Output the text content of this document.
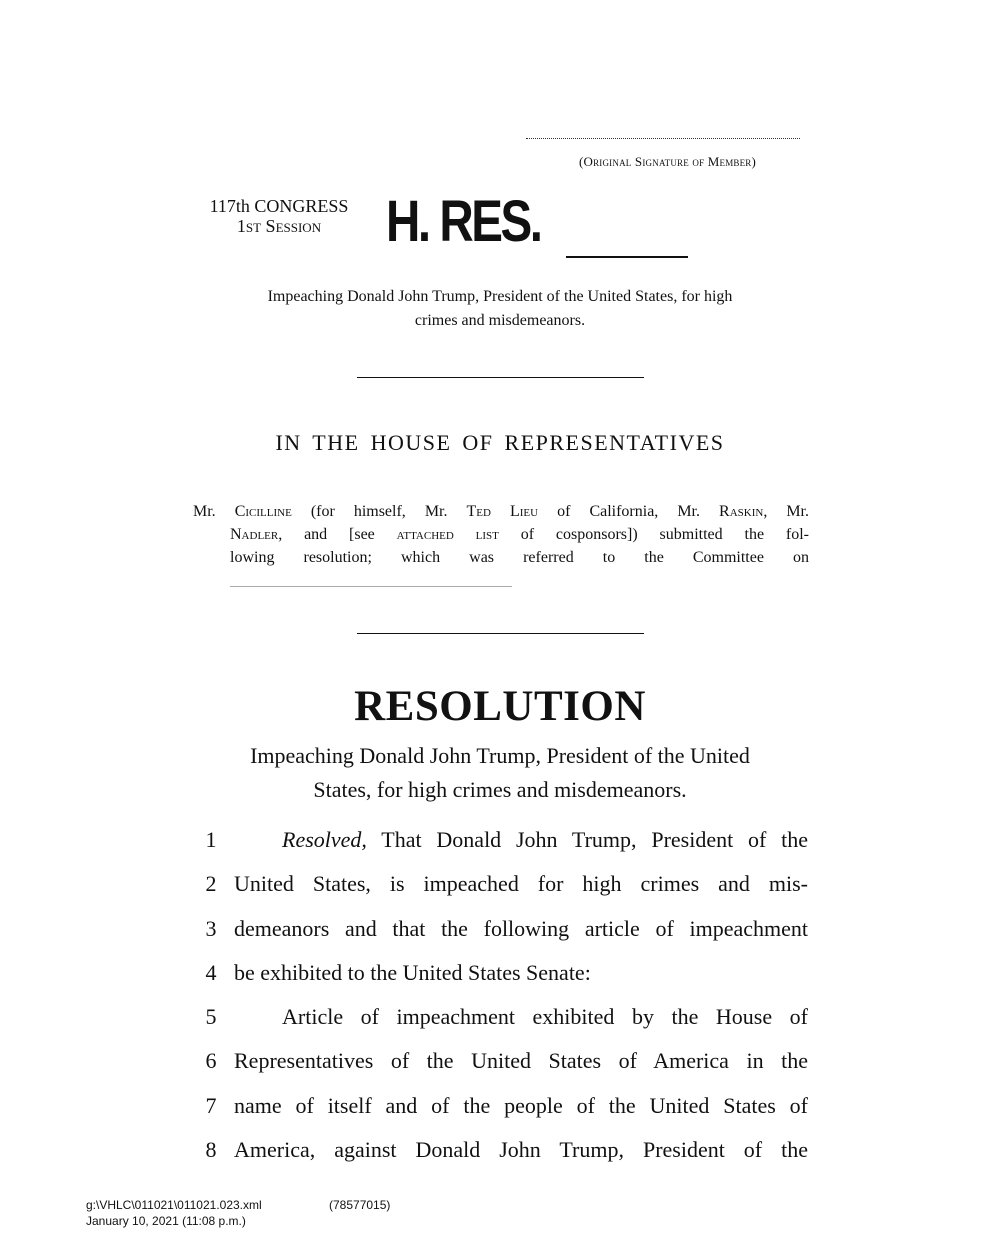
(Original Signature of Member)
117th CONGRESS
1st Session	H. RES.
Impeaching Donald John Trump, President of the United States, for high
crimes and misdemeanors.
IN THE HOUSE OF REPRESENTATIVES
Mr. Cicilline (for himself, Mr. Ted Lieu of California, Mr. Raskin, Mr.
Nadler, and [see attached list of cosponsors]) submitted the fol-
lowing resolution; which was referred to the Committee on
RESOLUTION
Impeaching Donald John Trump, President of the United
States, for high crimes and misdemeanors.
1	Resolved, That Donald John Trump, President of the
2 United States, is impeached for high crimes and mis-
3 demeanors and that the following article of impeachment
4 be exhibited to the United States Senate:
5	Article of impeachment exhibited by the House of
6 Representatives of the United States of America in the
7 name of itself and of the people of the United States of
8 America, against Donald John Trump, President of the
g:\VHLC\011021\011021.023.xml	(78577015)
January 10, 2021 (11:08 p.m.)
